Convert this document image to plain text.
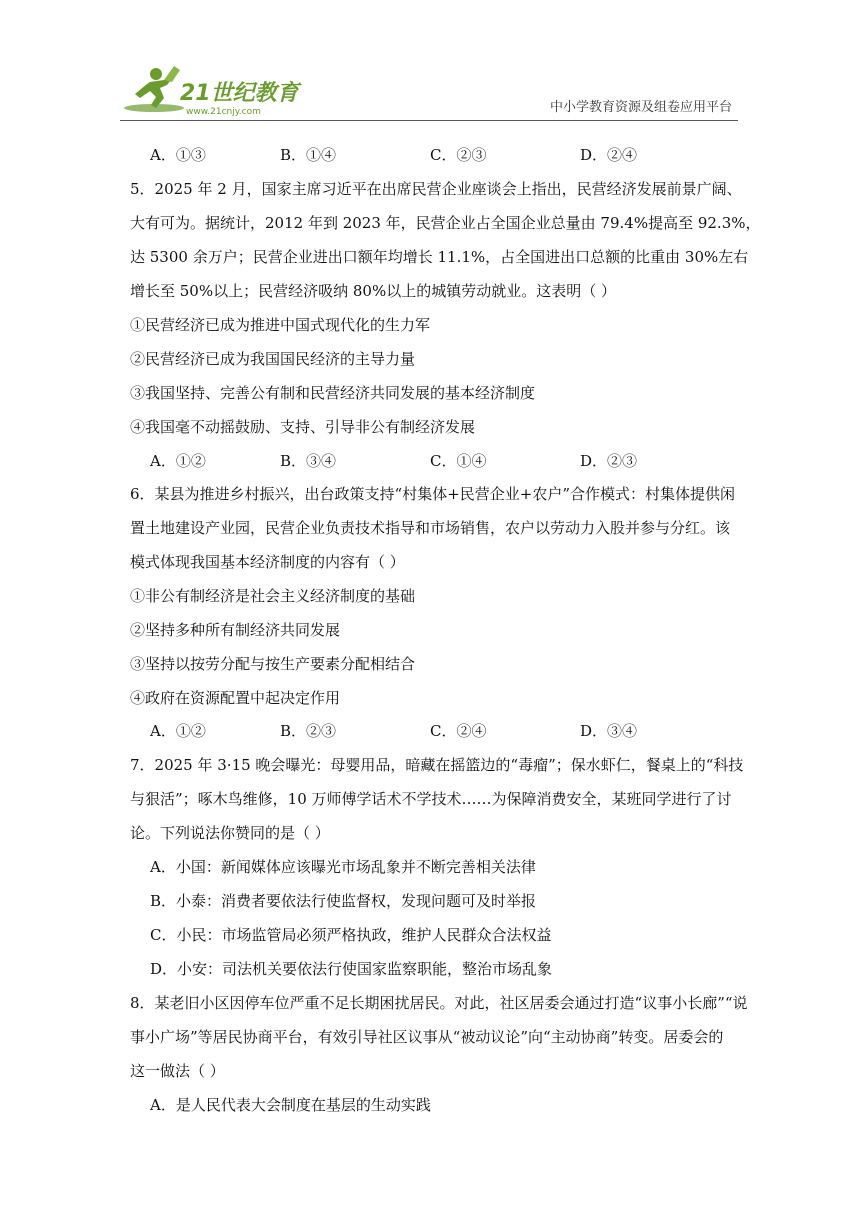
21世纪教育
www.21cnjy.com	中小学教育资源及组卷应用平台
A．①③	B．①④	C．②③	D．②④
5．2025 年 2 月，国家主席习近平在出席民营企业座谈会上指出，民营经济发展前景广阔、
大有可为。据统计，2012 年到 2023 年，民营企业占全国企业总量由 79.4%提高至 92.3%，
达 5300 余万户；民营企业进出口额年均增长 11.1%，占全国进出口总额的比重由 30%左右
增长至 50%以上；民营经济吸纳 80%以上的城镇劳动就业。这表明（ ）
①民营经济已成为推进中国式现代化的生力军
②民营经济已成为我国国民经济的主导力量
③我国坚持、完善公有制和民营经济共同发展的基本经济制度
④我国毫不动摇鼓励、支持、引导非公有制经济发展
A．①②	B．③④	C．①④	D．②③
6．某县为推进乡村振兴，出台政策支持“村集体+民营企业+农户”合作模式：村集体提供闲
置土地建设产业园，民营企业负责技术指导和市场销售，农户以劳动力入股并参与分红。该
模式体现我国基本经济制度的内容有（ ）
①非公有制经济是社会主义经济制度的基础
②坚持多种所有制经济共同发展
③坚持以按劳分配与按生产要素分配相结合
④政府在资源配置中起决定作用
A．①②	B．②③	C．②④	D．③④
7．2025 年 3·15 晚会曝光：母婴用品，暗藏在摇篮边的“毒瘤”；保水虾仁，餐桌上的“科技
与狠活”；啄木鸟维修，10 万师傅学话术不学技术……为保障消费安全，某班同学进行了讨
论。下列说法你赞同的是（ ）
A．小国：新闻媒体应该曝光市场乱象并不断完善相关法律
B．小泰：消费者要依法行使监督权，发现问题可及时举报
C．小民：市场监管局必须严格执政，维护人民群众合法权益
D．小安：司法机关要依法行使国家监察职能，整治市场乱象
8．某老旧小区因停车位严重不足长期困扰居民。对此，社区居委会通过打造“议事小长廊”“说
事小广场”等居民协商平台，有效引导社区议事从“被动议论”向“主动协商”转变。居委会的
这一做法（ ）
A．是人民代表大会制度在基层的生动实践
